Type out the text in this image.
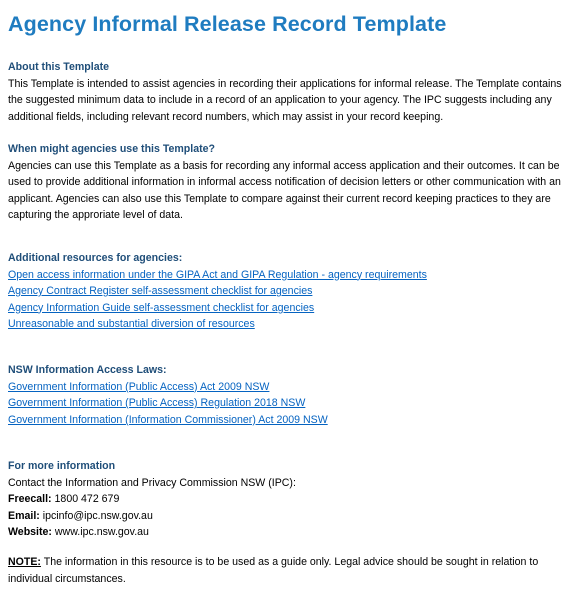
Agency Informal Release Record Template
About this Template
This Template is intended to assist agencies in recording their applications for informal release. The Template contains the suggested minimum data to include in a record of an application to your agency. The IPC suggests including any additional fields, including relevant record numbers, which may assist in your record keeping.
When might agencies use this Template?
Agencies can use this Template as a basis for recording any informal access application and their outcomes. It can be used to provide additional information in informal access notification of decision letters or other communication with an applicant. Agencies can also use this Template to compare against their current record keeping practices to they are capturing the approriate level of data.
Additional resources for agencies:
Open access information under the GIPA Act and GIPA Regulation - agency requirements
Agency Contract Register self-assessment checklist for agencies
Agency Information Guide self-assessment checklist for agencies
Unreasonable and substantial diversion of resources
NSW Information Access Laws:
Government Information (Public Access) Act 2009 NSW
Government Information (Public Access) Regulation 2018 NSW
Government Information (Information Commissioner) Act 2009 NSW
For more information
Contact the Information and Privacy Commission NSW (IPC):
Freecall: 1800 472 679
Email: ipcinfo@ipc.nsw.gov.au
Website: www.ipc.nsw.gov.au
NOTE: The information in this resource is to be used as a guide only. Legal advice should be sought in relation to individual circumstances.
